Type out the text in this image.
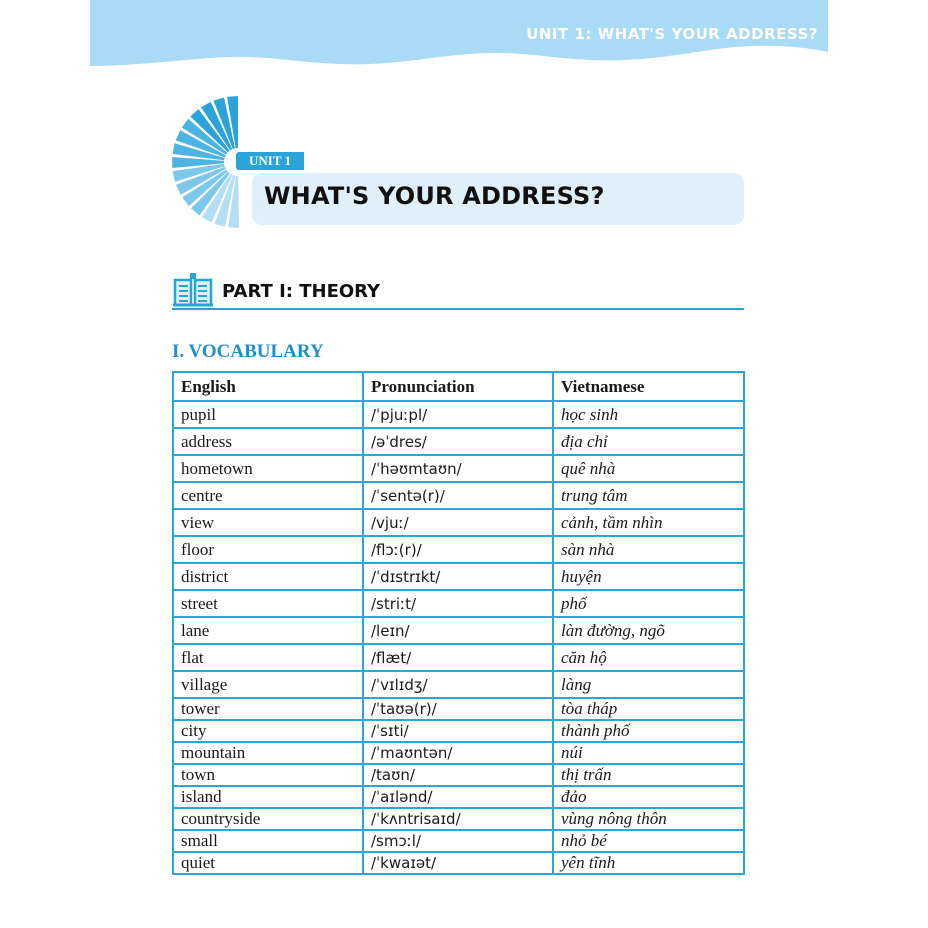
UNIT 1: WHAT'S YOUR ADDRESS?
UNIT 1
WHAT'S YOUR ADDRESS?
PART I: THEORY
I. VOCABULARY
English	Pronunciation	Vietnamese
pupil	/ˈpjuːpl/	học sinh
address	/əˈdres/	địa chỉ
hometown	/ˈhəʊmtaʊn/	quê nhà
centre	/ˈsentə(r)/	trung tâm
view	/vjuː/	cảnh, tầm nhìn
floor	/flɔː(r)/	sàn nhà
district	/ˈdɪstrɪkt/	huyện
street	/striːt/	phố
lane	/leɪn/	làn đường, ngõ
flat	/flæt/	căn hộ
village	/ˈvɪlɪdʒ/	làng
tower	/ˈtaʊə(r)/	tòa tháp
city	/ˈsɪti/	thành phố
mountain	/ˈmaʊntən/	núi
town	/taʊn/	thị trấn
island	/ˈaɪlənd/	đảo
countryside	/ˈkʌntrisaɪd/	vùng nông thôn
small	/smɔːl/	nhỏ bé
quiet	/ˈkwaɪət/	yên tĩnh
